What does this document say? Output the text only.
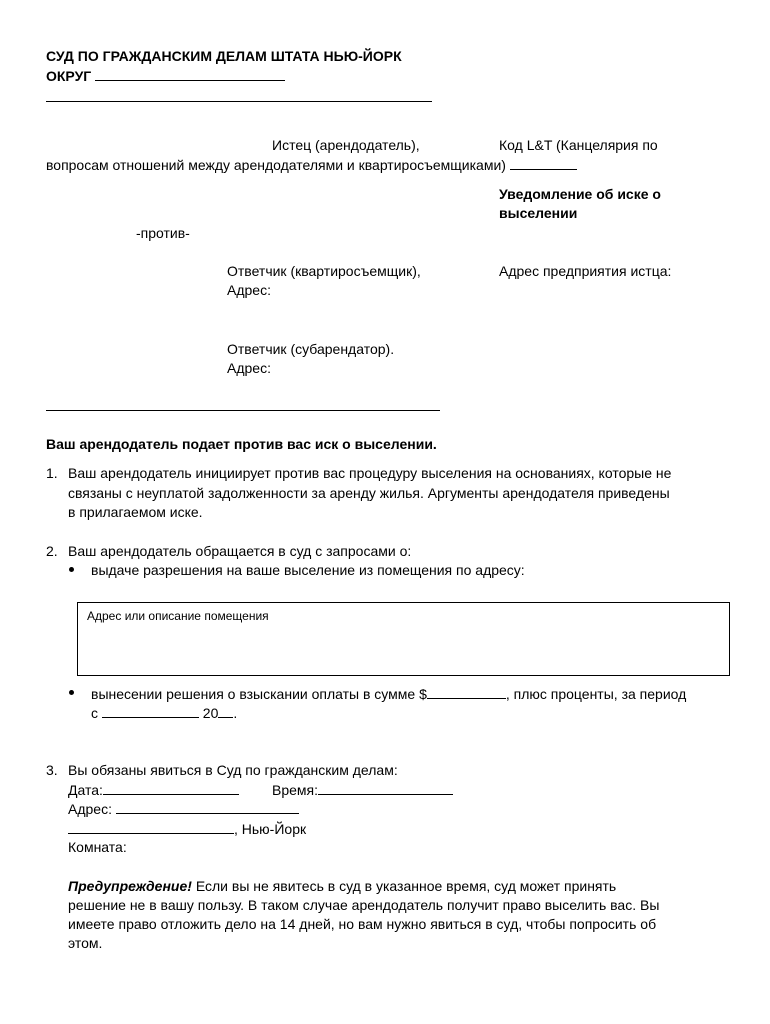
СУД ПО ГРАЖДАНСКИМ ДЕЛАМ ШТАТА НЬЮ-ЙОРК
ОКРУГ
Истец (арендодатель),	Код L&T (Канцелярия по
вопросам отношений между арендодателями и квартиросъемщиками)
Уведомление об иске о
выселении
-против-
Ответчик (квартиросъемщик),
Адрес:
Адрес предприятия истца:
Ответчик (субарендатор).
Адрес:
Ваш арендодатель подает против вас иск о выселении.
1. Ваш арендодатель инициирует против вас процедуру выселения на основаниях, которые не
связаны с неуплатой задолженности за аренду жилья. Аргументы арендодателя приведены
в прилагаемом иске.
2. Ваш арендодатель обращается в суд с запросами о:
выдаче разрешения на ваше выселение из помещения по адресу:
Адрес или описание помещения
вынесении решения о взыскании оплаты в сумме $	, плюс проценты, за период
с	20 .
3. Вы обязаны явиться в Суд по гражданским делам:
Дата:	Время:
Адрес:
, Нью-Йорк
Комната:
Предупреждение! Если вы не явитесь в суд в указанное время, суд может принять
решение не в вашу пользу. В таком случае арендодатель получит право выселить вас. Вы
имеете право отложить дело на 14 дней, но вам нужно явиться в суд, чтобы попросить об
этом.
